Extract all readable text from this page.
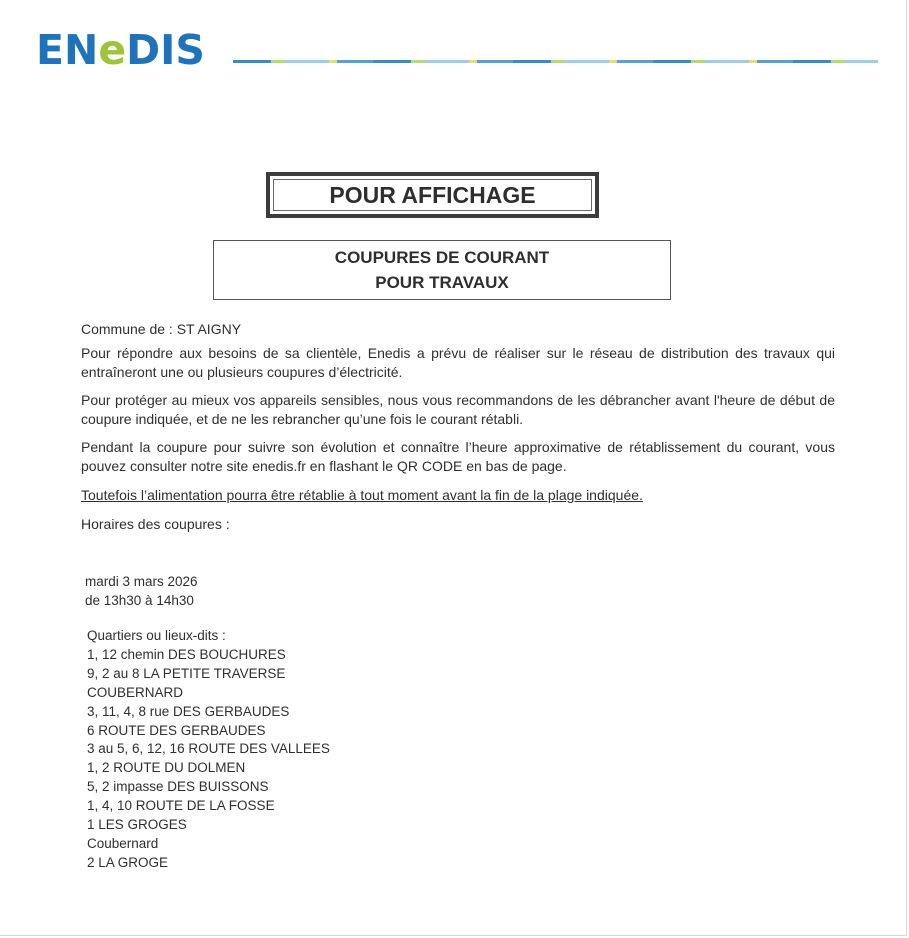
ENeDIS
POUR AFFICHAGE
COUPURES DE COURANT
POUR TRAVAUX
Commune de : ST AIGNY
Pour répondre aux besoins de sa clientèle, Enedis a prévu de réaliser sur le réseau de distribution des travaux qui entraîneront une ou plusieurs coupures d’électricité.
Pour protéger au mieux vos appareils sensibles, nous vous recommandons de les débrancher avant l'heure de début de coupure indiquée, et de ne les rebrancher qu’une fois le courant rétabli.
Pendant la coupure pour suivre son évolution et connaître l’heure approximative de rétablissement du courant, vous pouvez consulter notre site enedis.fr en flashant le QR CODE en bas de page.
Toutefois l’alimentation pourra être rétablie à tout moment avant la fin de la plage indiquée.
Horaires des coupures :
mardi 3 mars 2026
de 13h30 à 14h30
Quartiers ou lieux-dits :
1, 12 chemin DES BOUCHURES
9, 2 au 8 LA PETITE TRAVERSE
COUBERNARD
3, 11, 4, 8 rue DES GERBAUDES
6 ROUTE DES GERBAUDES
3 au 5, 6, 12, 16 ROUTE DES VALLEES
1, 2 ROUTE DU DOLMEN
5, 2 impasse DES BUISSONS
1, 4, 10 ROUTE DE LA FOSSE
1 LES GROGES
Coubernard
2 LA GROGE
